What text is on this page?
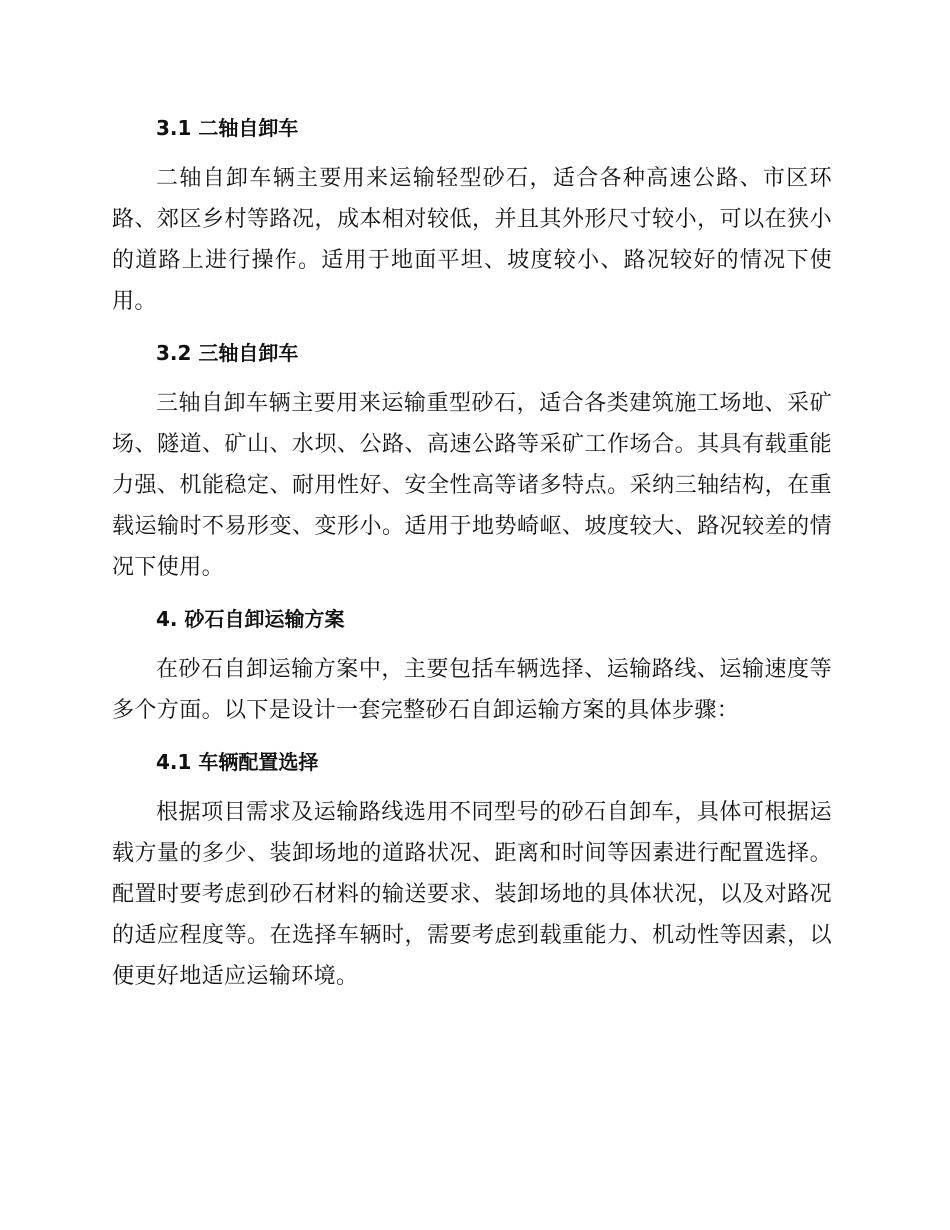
3.1 二轴自卸车

二轴自卸车辆主要用来运输轻型砂石，适合各种高速公路、市区环路、郊区乡村等路况，成本相对较低，并且其外形尺寸较小，可以在狭小的道路上进行操作。适用于地面平坦、坡度较小、路况较好的情况下使用。

3.2 三轴自卸车

三轴自卸车辆主要用来运输重型砂石，适合各类建筑施工场地、采矿场、隧道、矿山、水坝、公路、高速公路等采矿工作场合。其具有载重能力强、机能稳定、耐用性好、安全性高等诸多特点。采纳三轴结构，在重载运输时不易形变、变形小。适用于地势崎岖、坡度较大、路况较差的情况下使用。

4. 砂石自卸运输方案

在砂石自卸运输方案中，主要包括车辆选择、运输路线、运输速度等多个方面。以下是设计一套完整砂石自卸运输方案的具体步骤：

4.1 车辆配置选择

根据项目需求及运输路线选用不同型号的砂石自卸车，具体可根据运载方量的多少、装卸场地的道路状况、距离和时间等因素进行配置选择。配置时要考虑到砂石材料的输送要求、装卸场地的具体状况，以及对路况的适应程度等。在选择车辆时，需要考虑到载重能力、机动性等因素，以便更好地适应运输环境。
